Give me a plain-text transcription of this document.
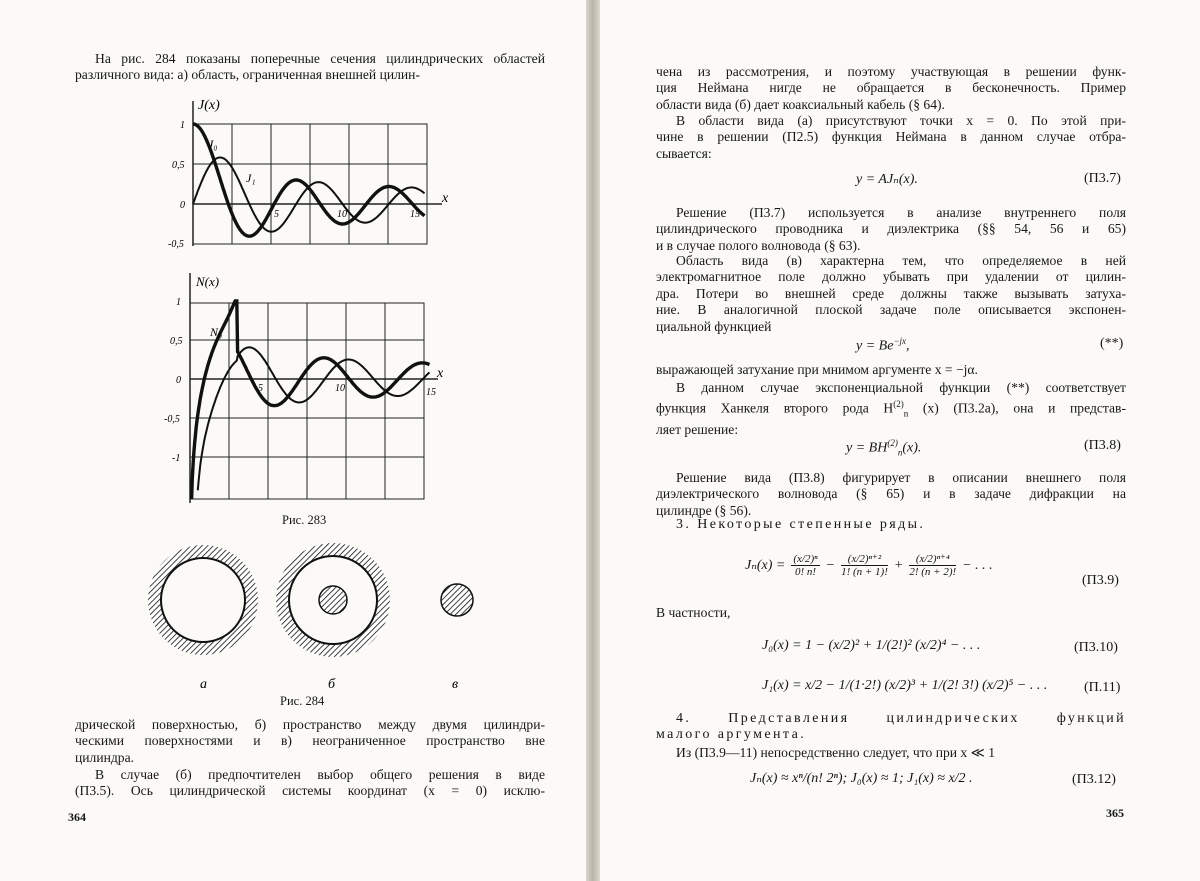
На рис. 284 показаны поперечные сечения цилиндрических областей различного вида: а) область, ограниченная внешней цилин-
J(x)
x
1
0,5
0
-0,5
5	10	15
J₀
J₁
N(x)
x
1
0,5
0
-0,5
-1
5	10	15
N₀
Рис. 283
а	б	в
Рис. 284
дрической поверхностью, б) пространство между двумя цилиндри-
ческими поверхностями и в) неограниченное пространство вне
цилиндра.
В случае (б) предпочтителен выбор общего решения в виде
(П3.5). Ось цилиндрической системы координат (x = 0) исклю-
364
чена из рассмотрения, и поэтому участвующая в решении функ-
ция Неймана нигде не обращается в бесконечность. Пример
области вида (б) дает коаксиальный кабель (§ 64).
В области вида (а) присутствуют точки x = 0. По этой при-
чине в решении (П2.5) функция Неймана в данном случае отбра-
сывается:
y = AJₙ(x).	(П3.7)
Решение (П3.7) используется в анализе внутреннего поля
цилиндрического проводника и диэлектрика (§§ 54, 56 и 65)
и в случае полого волновода (§ 63).
Область вида (в) характерна тем, что определяемое в ней
электромагнитное поле должно убывать при удалении от цилин-
дра. Потери во внешней среде должны также вызывать затуха-
ние. В аналогичной плоской задаче поле описывается экспонен-
циальной функцией
$y = Be^{-jx}$,	(**)
выражающей затухание при мнимом аргументе x = −jα.
В данном случае экспоненциальной функции (**) соответствует
функция Ханкеля второго рода $H^{(2)}_n$ (x) (П3.2а), она и представ-
ляет решение:
$y = BH^{(2)}_n(x)$.	(П3.8)
Решение вида (П3.8) фигурирует в описании внешнего поля
диэлектрического волновода (§ 65) и в задаче дифракции на
цилиндре (§ 56).
3. Некоторые степенные ряды.
$J_n(x) = \frac{\text{(x/2)ⁿ}}{0! n!} - \frac{\text{(x/2)ⁿ⁺²}}{1! (n + 1)!} + \frac{\text{(x/2)ⁿ⁺⁴}}{2! (n + 2)!}$ − . . .
(П3.9)
В частности,
J₀(x) = 1 − (x/2)² + 1/(2!)² (x/2)⁴ − . . .	(П3.10)
J₁(x) = x/2 − 1/(1·2!) (x/2)³ + 1/(2! 3!) (x/2)⁵ − . . .	(П.11)
4. Представления цилиндрических функций
малого аргумента.
Из (П3.9—11) непосредственно следует, что при x ≪ 1
Jₙ(x) ≈ xⁿ/(n! 2ⁿ); J₀(x) ≈ 1; J₁(x) ≈ x/2 .	(П3.12)
365
